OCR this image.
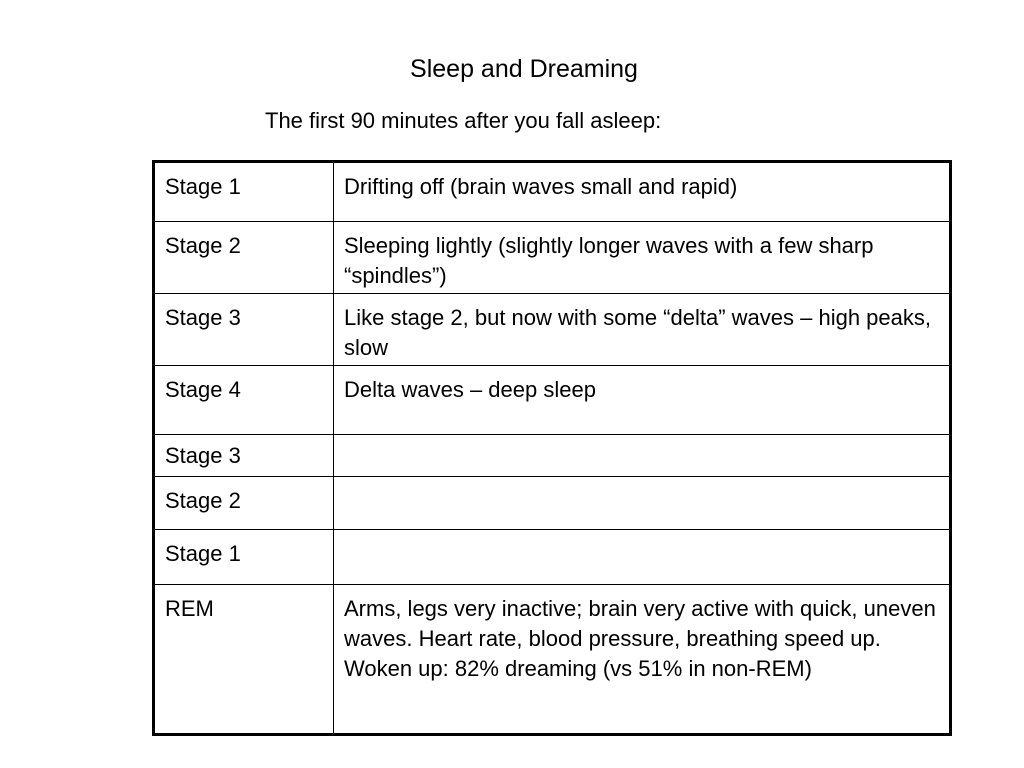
Sleep and Dreaming
The first 90 minutes after you fall asleep:
Stage 1	Drifting off (brain waves small and rapid)
Stage 2	Sleeping lightly (slightly longer waves with a few sharp “spindles”)
Stage 3	Like stage 2, but now with some “delta” waves – high peaks, slow
Stage 4	Delta waves – deep sleep
Stage 3	
Stage 2	
Stage 1	
REM	Arms, legs very inactive; brain very active with quick, uneven waves. Heart rate, blood pressure, breathing speed up. Woken up: 82% dreaming (vs 51% in non-REM)
